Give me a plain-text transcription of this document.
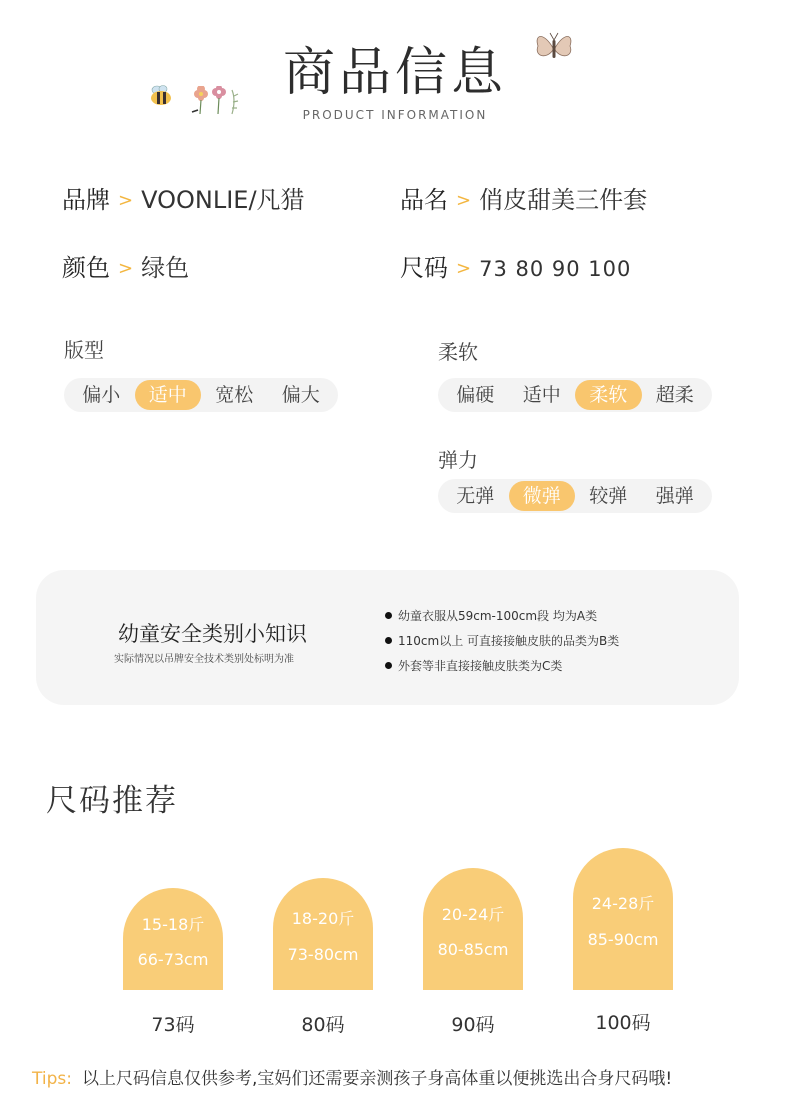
商品信息
PRODUCT INFORMATION
品牌 > VOONLIE/凡猎	品名 > 俏皮甜美三件套
颜色 > 绿色	尺码 > 73 80 90 100
版型
偏小	适中	宽松	偏大
柔软
偏硬	适中	柔软	超柔
弹力
无弹	微弹	较弹	强弹
幼童安全类别小知识
实际情况以吊牌安全技术类别处标明为准
幼童衣服从59cm-100cm段 均为A类
110cm以上 可直接接触皮肤的品类为B类
外套等非直接接触皮肤类为C类
尺码推荐
15-18斤
66-73cm
73码
18-20斤
73-80cm
80码
20-24斤
80-85cm
90码
24-28斤
85-90cm
100码
Tips: 以上尺码信息仅供参考,宝妈们还需要亲测孩子身高体重以便挑选出合身尺码哦!
